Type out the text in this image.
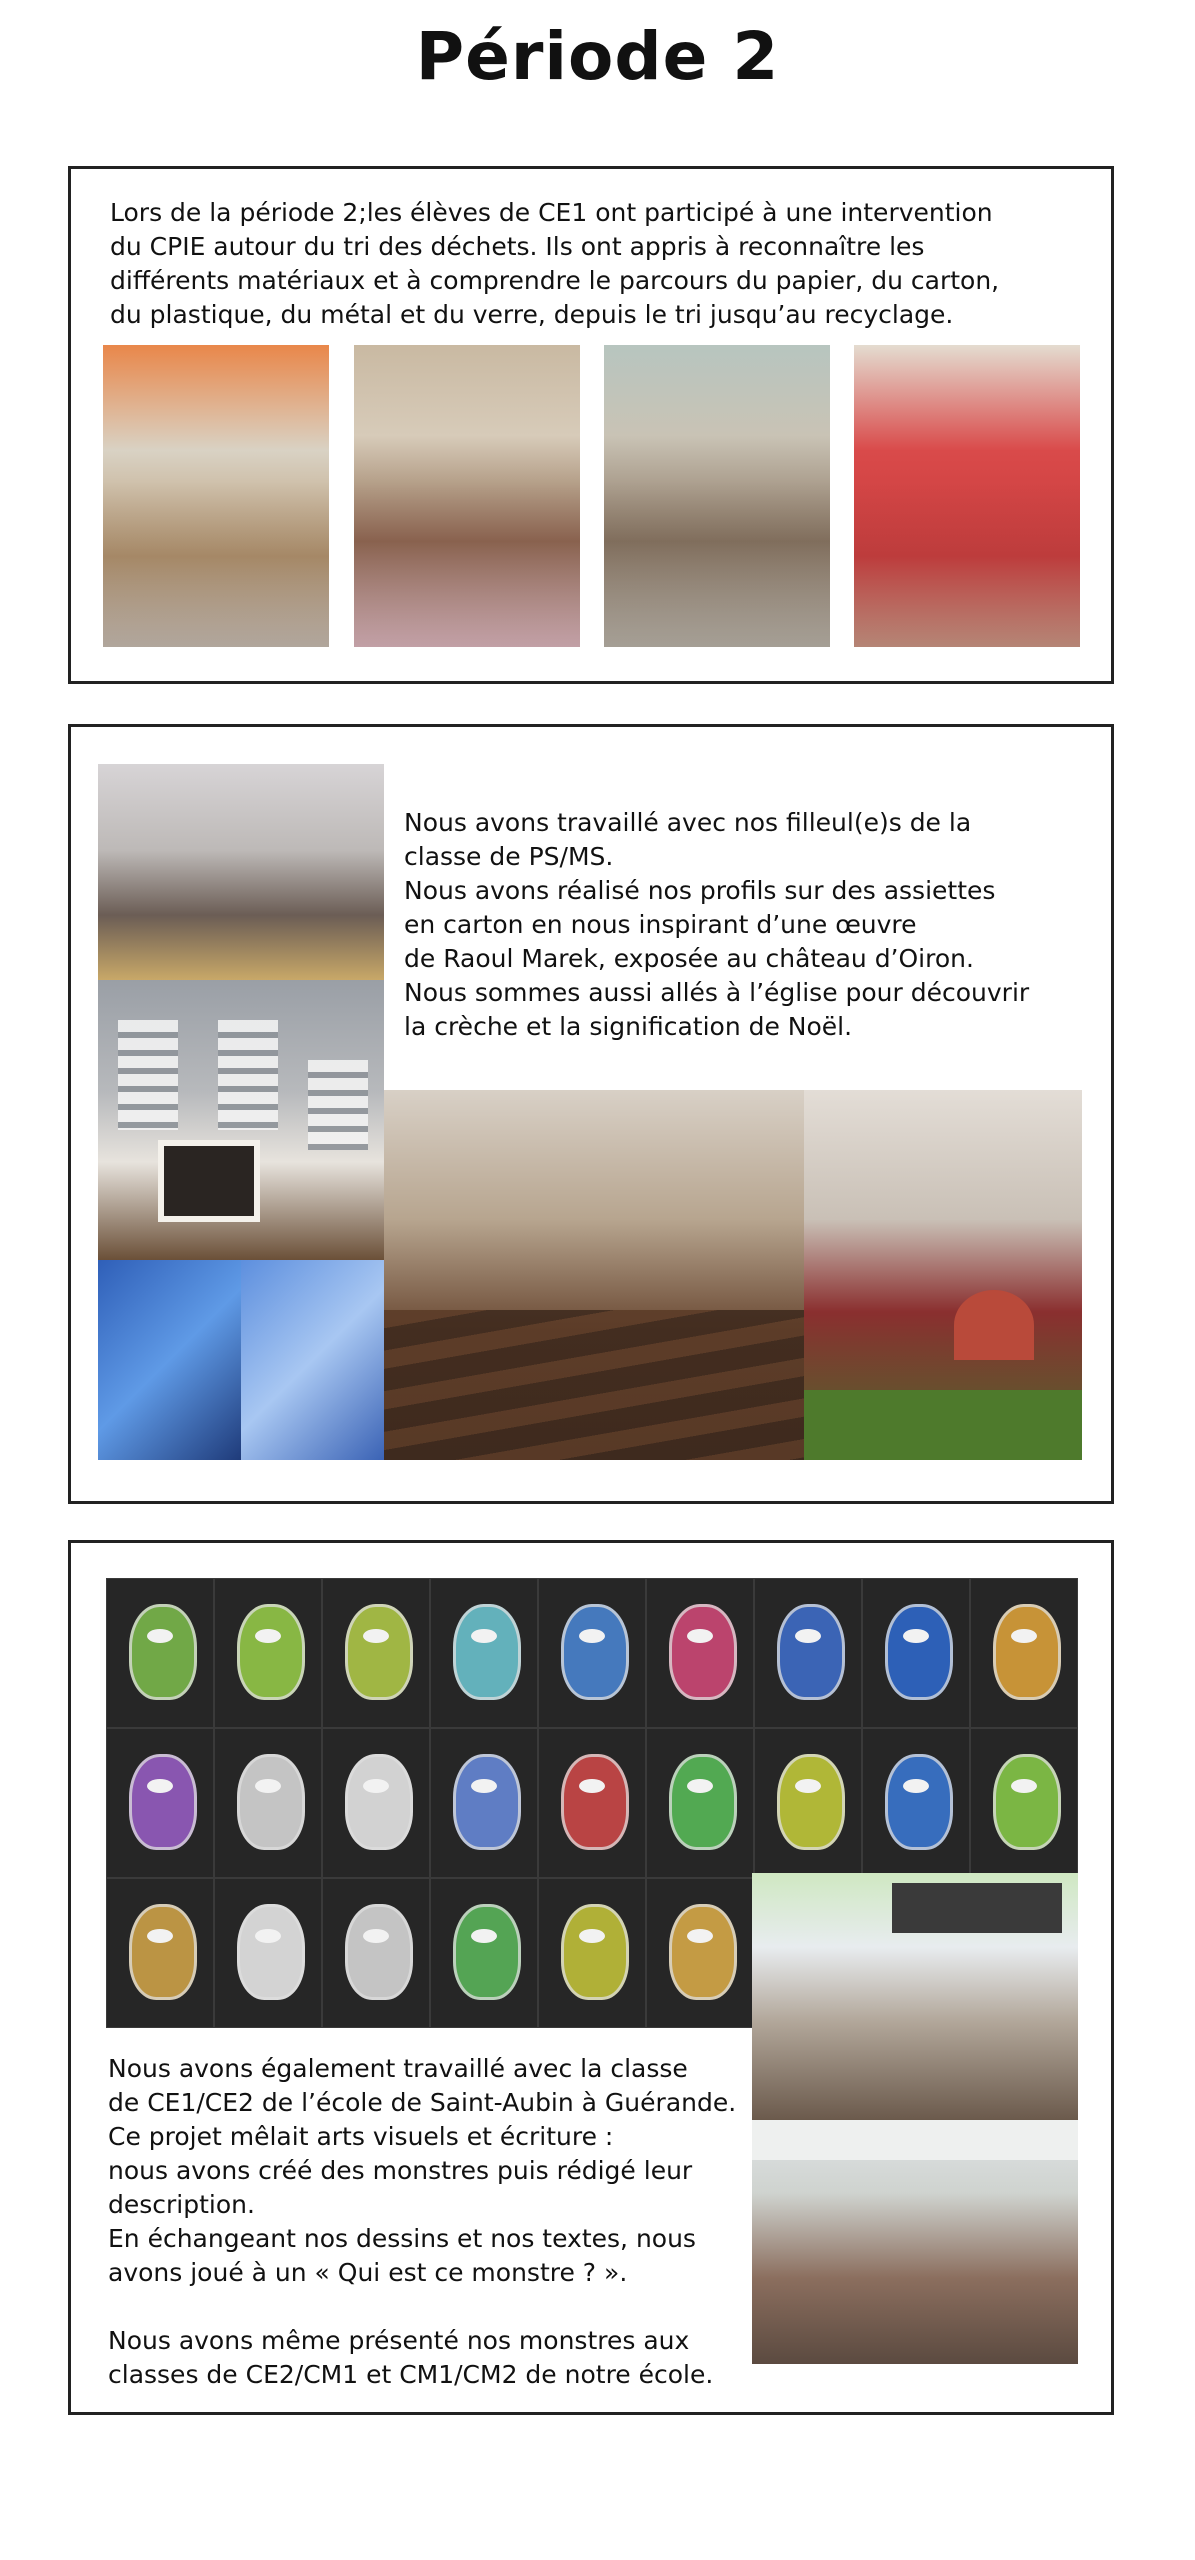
Période 2

Lors de la période 2;les élèves de CE1 ont participé à une intervention

du CPIE autour du tri des déchets. Ils ont appris à reconnaître les

différents matériaux et à comprendre le parcours du papier, du carton,

du plastique, du métal et du verre, depuis le tri jusqu’au recyclage.

Nous avons travaillé avec nos filleul(e)s de la

classe de PS/MS.

Nous avons réalisé nos profils sur des assiettes

en carton en nous inspirant d’une œuvre

de Raoul Marek, exposée au château d’Oiron.

Nous sommes aussi allés à l’église pour découvrir

la crèche et la signification de Noël.

Nous avons également travaillé avec la classe

de CE1/CE2 de l’école de Saint-Aubin à Guérande.

Ce projet mêlait arts visuels et écriture :

nous avons créé des monstres puis rédigé leur

description.

En échangeant nos dessins et nos textes, nous

avons joué à un « Qui est ce monstre ? ».

Nous avons même présenté nos monstres aux

classes de CE2/CM1 et CM1/CM2 de notre école.
